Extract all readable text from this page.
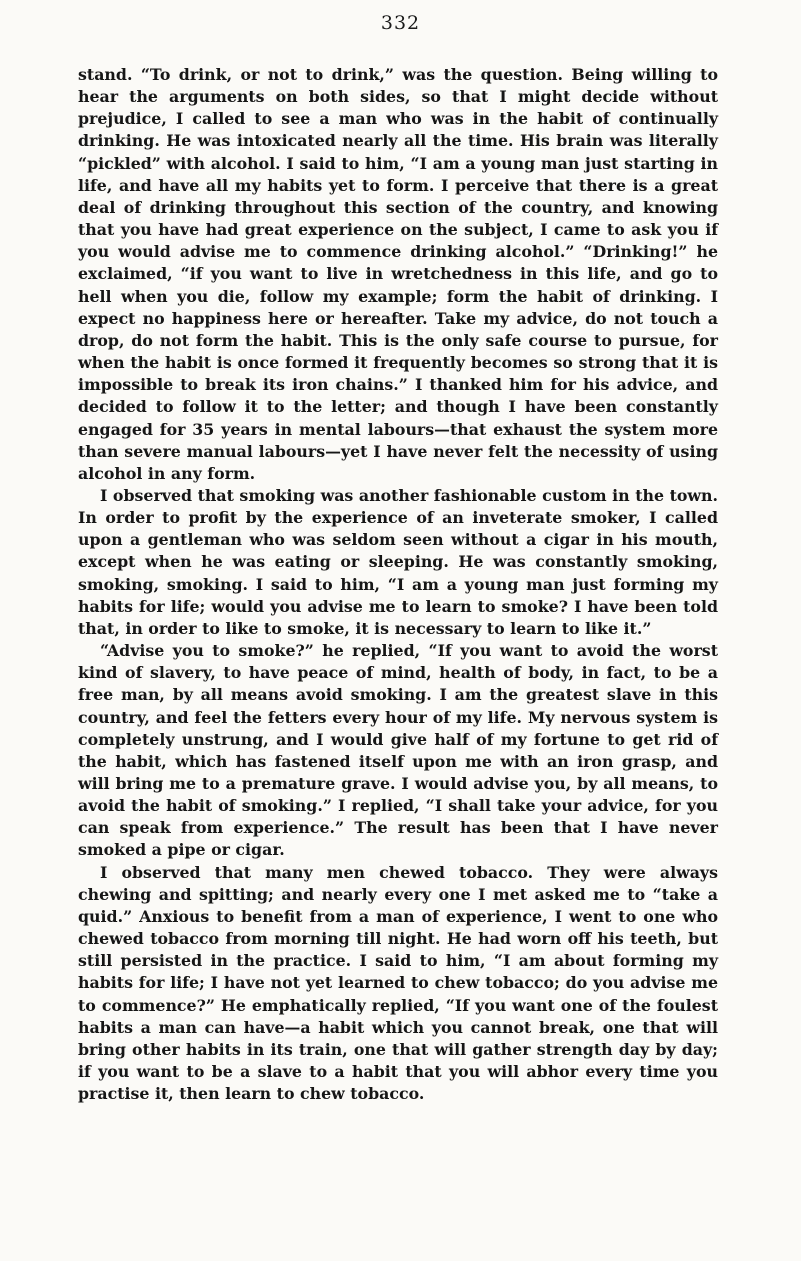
332

stand. “To drink, or not to drink,” was the question. Being willing to hear the arguments on both sides, so that I might decide without prejudice, I called to see a man who was in the habit of continually drinking. He was intoxicated nearly all the time. His brain was literally “pickled” with alcohol. I said to him, “I am a young man just starting in life, and have all my habits yet to form. I perceive that there is a great deal of drinking throughout this section of the country, and knowing that you have had great experience on the subject, I came to ask you if you would advise me to commence drinking alcohol.” “Drinking!” he exclaimed, “if you want to live in wretchedness in this life, and go to hell when you die, follow my example; form the habit of drinking. I expect no happiness here or hereafter. Take my advice, do not touch a drop, do not form the habit. This is the only safe course to pursue, for when the habit is once formed it frequently becomes so strong that it is impossible to break its iron chains.” I thanked him for his advice, and decided to follow it to the letter; and though I have been constantly engaged for 35 years in mental labours—that exhaust the system more than severe manual labours—yet I have never felt the necessity of using alcohol in any form.

I observed that smoking was another fashionable custom in the town. In order to profit by the experience of an inveterate smoker, I called upon a gentleman who was seldom seen without a cigar in his mouth, except when he was eating or sleeping. He was constantly smoking, smoking, smoking. I said to him, “I am a young man just forming my habits for life; would you advise me to learn to smoke? I have been told that, in order to like to smoke, it is necessary to learn to like it.”

“Advise you to smoke?” he replied, “If you want to avoid the worst kind of slavery, to have peace of mind, health of body, in fact, to be a free man, by all means avoid smoking. I am the greatest slave in this country, and feel the fetters every hour of my life. My nervous system is completely unstrung, and I would give half of my fortune to get rid of the habit, which has fastened itself upon me with an iron grasp, and will bring me to a premature grave. I would advise you, by all means, to avoid the habit of smoking.” I replied, “I shall take your advice, for you can speak from experience.” The result has been that I have never smoked a pipe or cigar.

I observed that many men chewed tobacco. They were always chewing and spitting; and nearly every one I met asked me to “take a quid.” Anxious to benefit from a man of experience, I went to one who chewed tobacco from morning till night. He had worn off his teeth, but still persisted in the practice. I said to him, “I am about forming my habits for life; I have not yet learned to chew tobacco; do you advise me to commence?” He emphatically replied, “If you want one of the foulest habits a man can have—a habit which you cannot break, one that will bring other habits in its train, one that will gather strength day by day; if you want to be a slave to a habit that you will abhor every time you practise it, then learn to chew tobacco.
